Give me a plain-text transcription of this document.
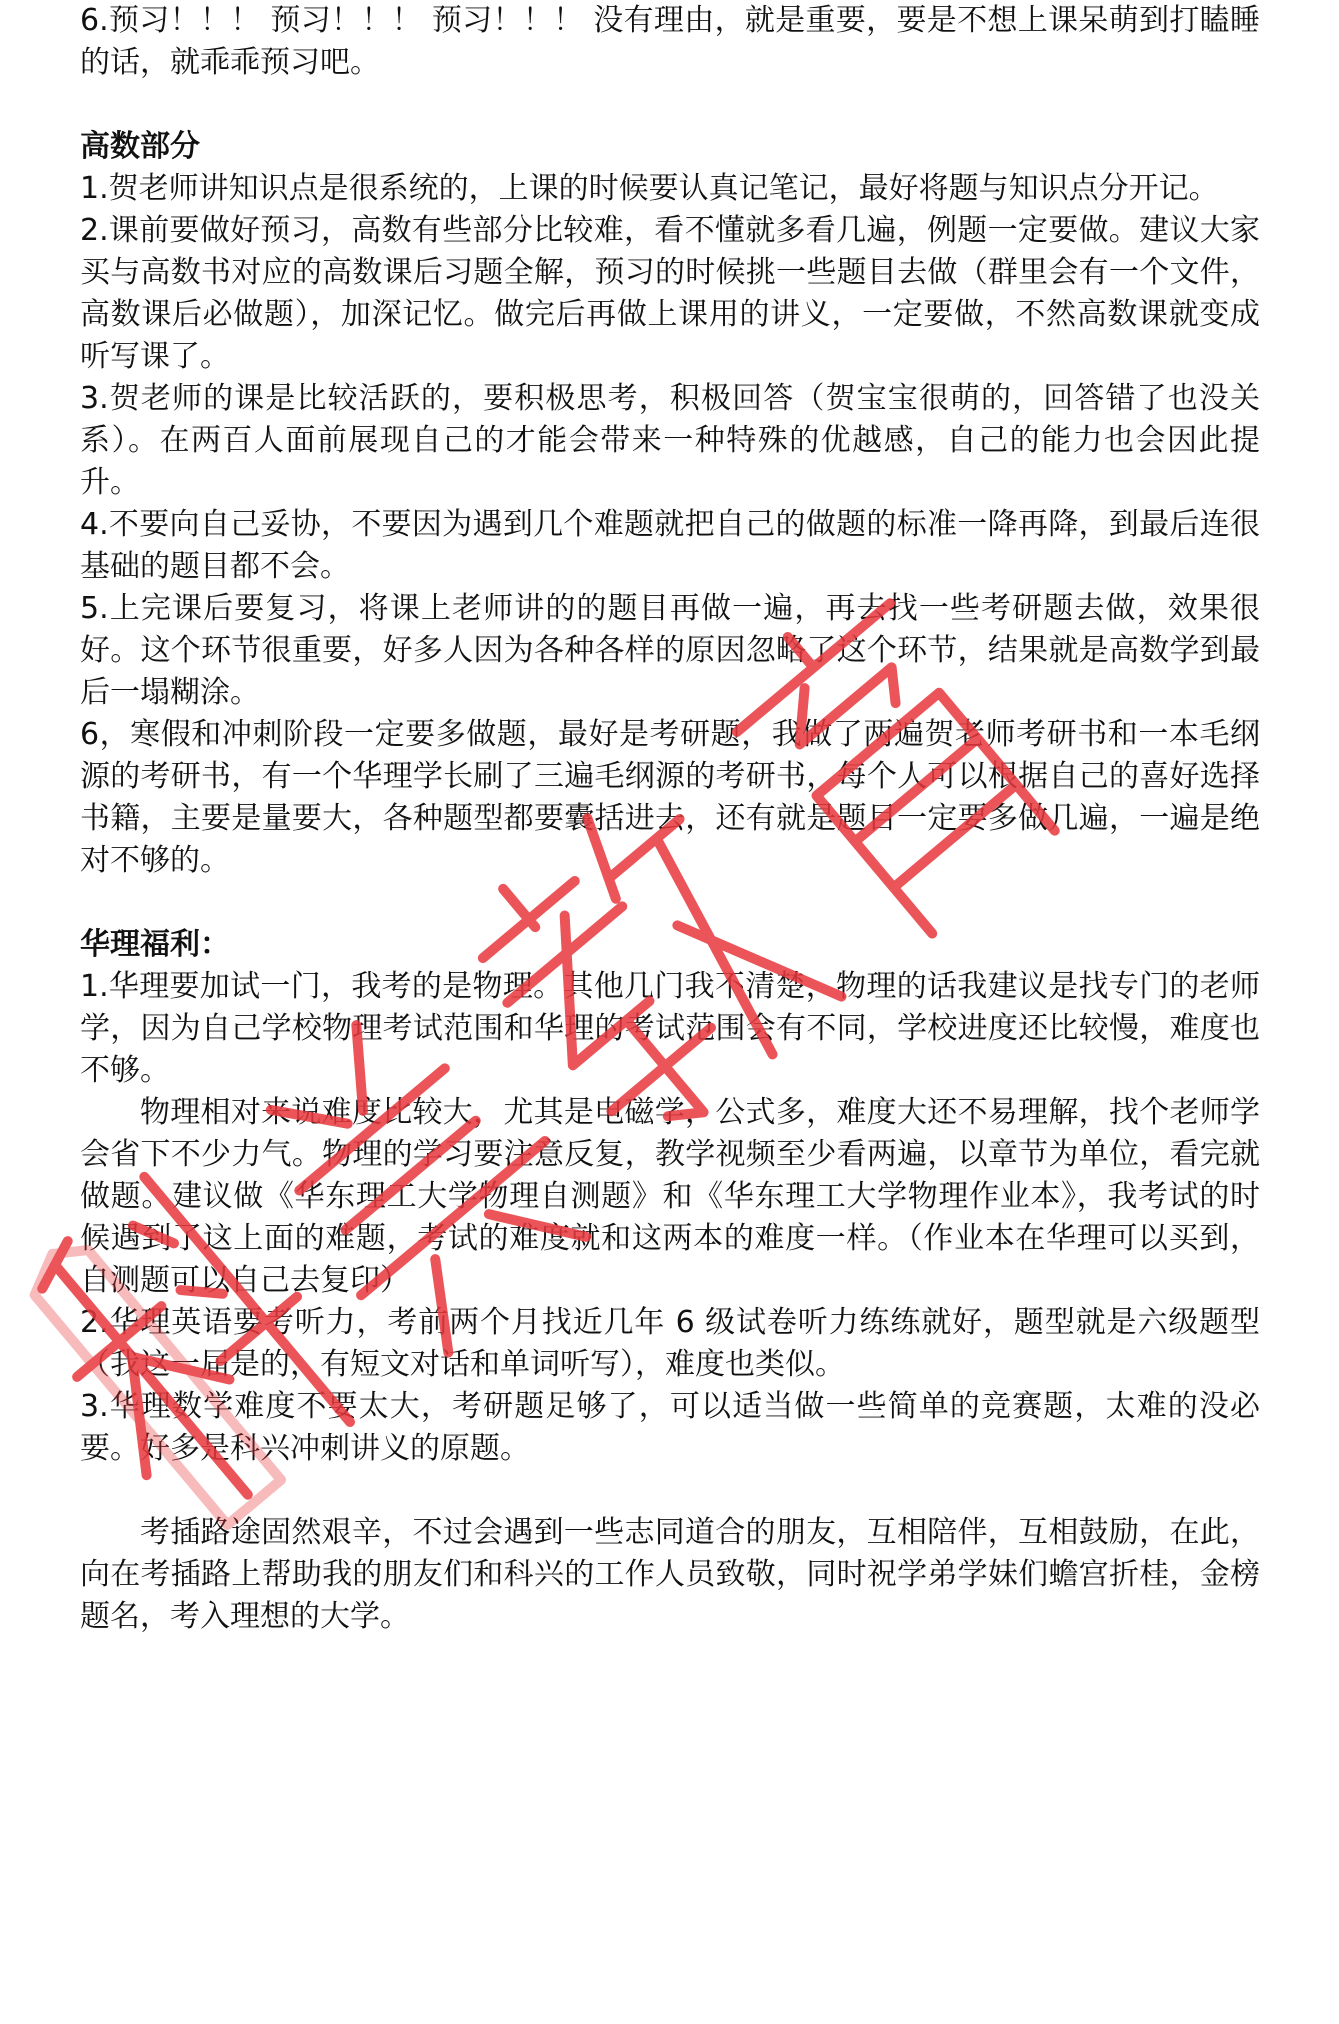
6.预习！！！ 预习！！！ 预习！！！ 没有理由，就是重要，要是不想上课呆萌到打瞌睡的话，就乖乖预习吧。

高数部分

1.贺老师讲知识点是很系统的，上课的时候要认真记笔记，最好将题与知识点分开记。

2.课前要做好预习，高数有些部分比较难，看不懂就多看几遍，例题一定要做。建议大家买与高数书对应的高数课后习题全解，预习的时候挑一些题目去做（群里会有一个文件，高数课后必做题），加深记忆。做完后再做上课用的讲义，一定要做，不然高数课就变成听写课了。

3.贺老师的课是比较活跃的，要积极思考，积极回答（贺宝宝很萌的，回答错了也没关系）。在两百人面前展现自己的才能会带来一种特殊的优越感，自己的能力也会因此提升。

4.不要向自己妥协，不要因为遇到几个难题就把自己的做题的标准一降再降，到最后连很基础的题目都不会。

5.上完课后要复习，将课上老师讲的的题目再做一遍，再去找一些考研题去做，效果很好。这个环节很重要，好多人因为各种各样的原因忽略了这个环节，结果就是高数学到最后一塌糊涂。

6，寒假和冲刺阶段一定要多做题，最好是考研题，我做了两遍贺老师考研书和一本毛纲源的考研书，有一个华理学长刷了三遍毛纲源的考研书，每个人可以根据自己的喜好选择书籍，主要是量要大，各种题型都要囊括进去，还有就是题目一定要多做几遍，一遍是绝对不够的。

华理福利：

1.华理要加试一门，我考的是物理。其他几门我不清楚，物理的话我建议是找专门的老师学，因为自己学校物理考试范围和华理的考试范围会有不同，学校进度还比较慢，难度也不够。

物理相对来说难度比较大，尤其是电磁学，公式多，难度大还不易理解，找个老师学会省下不少力气。物理的学习要注意反复，教学视频至少看两遍，以章节为单位，看完就做题。建议做《华东理工大学物理自测题》和《华东理工大学物理作业本》，我考试的时候遇到了这上面的难题，考试的难度就和这两本的难度一样。（作业本在华理可以买到，自测题可以自己去复印）

2.华理英语要考听力，考前两个月找近几年 6 级试卷听力练练就好，题型就是六级题型（我这一届是的，有短文对话和单词听写），难度也类似。

3.华理数学难度不要太大，考研题足够了，可以适当做一些简单的竞赛题，太难的没必要。好多是科兴冲刺讲义的原题。

考插路途固然艰辛，不过会遇到一些志同道合的朋友，互相陪伴，互相鼓励，在此，向在考插路上帮助我的朋友们和科兴的工作人员致敬，同时祝学弟学妹们蟾宫折桂，金榜题名，考入理想的大学。
